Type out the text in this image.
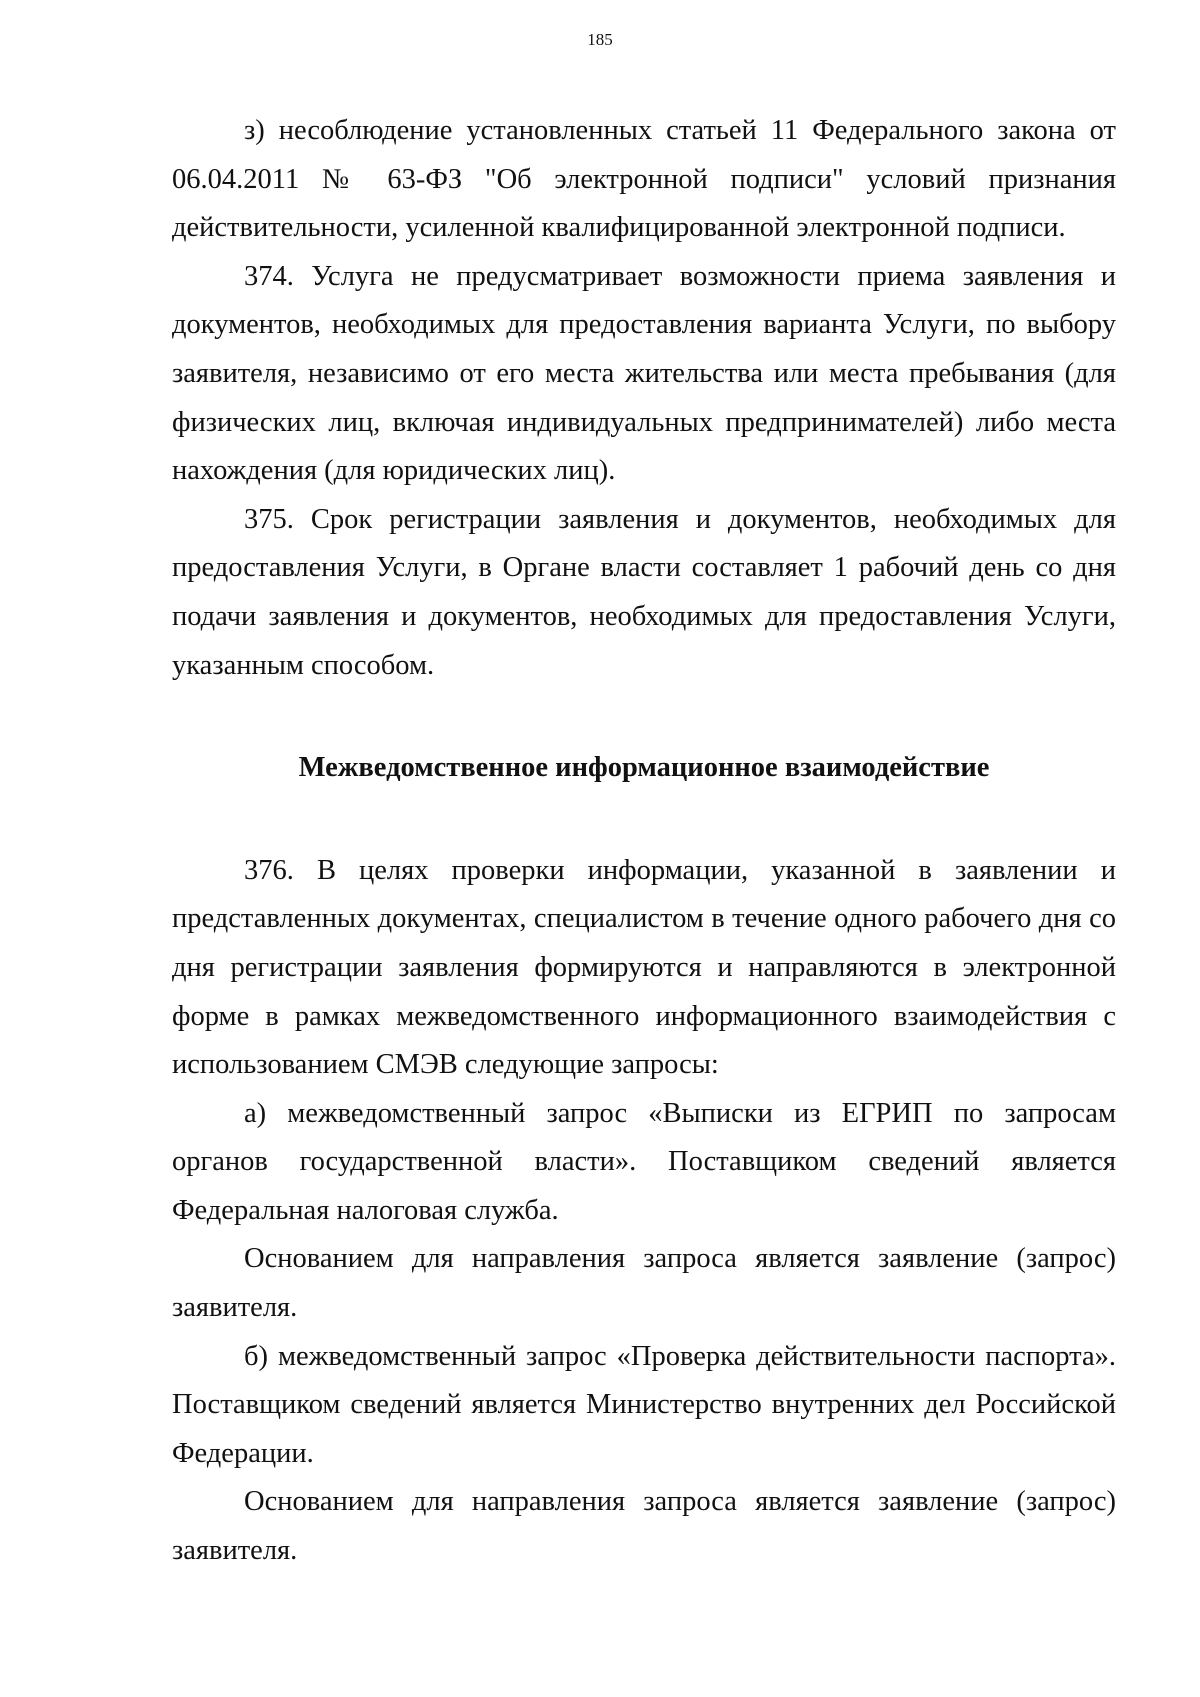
185

з) несоблюдение установленных статьей 11 Федерального закона от 06.04.2011 № 63-ФЗ "Об электронной подписи" условий признания действительности, усиленной квалифицированной электронной подписи.

374. Услуга не предусматривает возможности приема заявления и документов, необходимых для предоставления варианта Услуги, по выбору заявителя, независимо от его места жительства или места пребывания (для физических лиц, включая индивидуальных предпринимателей) либо места нахождения (для юридических лиц).

375. Срок регистрации заявления и документов, необходимых для предоставления Услуги, в Органе власти составляет 1 рабочий день со дня подачи заявления и документов, необходимых для предоставления Услуги, указанным способом.

Межведомственное информационное взаимодействие

376. В целях проверки информации, указанной в заявлении и представленных документах, специалистом в течение одного рабочего дня со дня регистрации заявления формируются и направляются в электронной форме в рамках межведомственного информационного взаимодействия с использованием СМЭВ следующие запросы:

а) межведомственный запрос «Выписки из ЕГРИП по запросам органов государственной власти». Поставщиком сведений является Федеральная налоговая служба.

Основанием для направления запроса является заявление (запрос) заявителя.

б) межведомственный запрос «Проверка действительности паспорта». Поставщиком сведений является Министерство внутренних дел Российской Федерации.

Основанием для направления запроса является заявление (запрос) заявителя.
